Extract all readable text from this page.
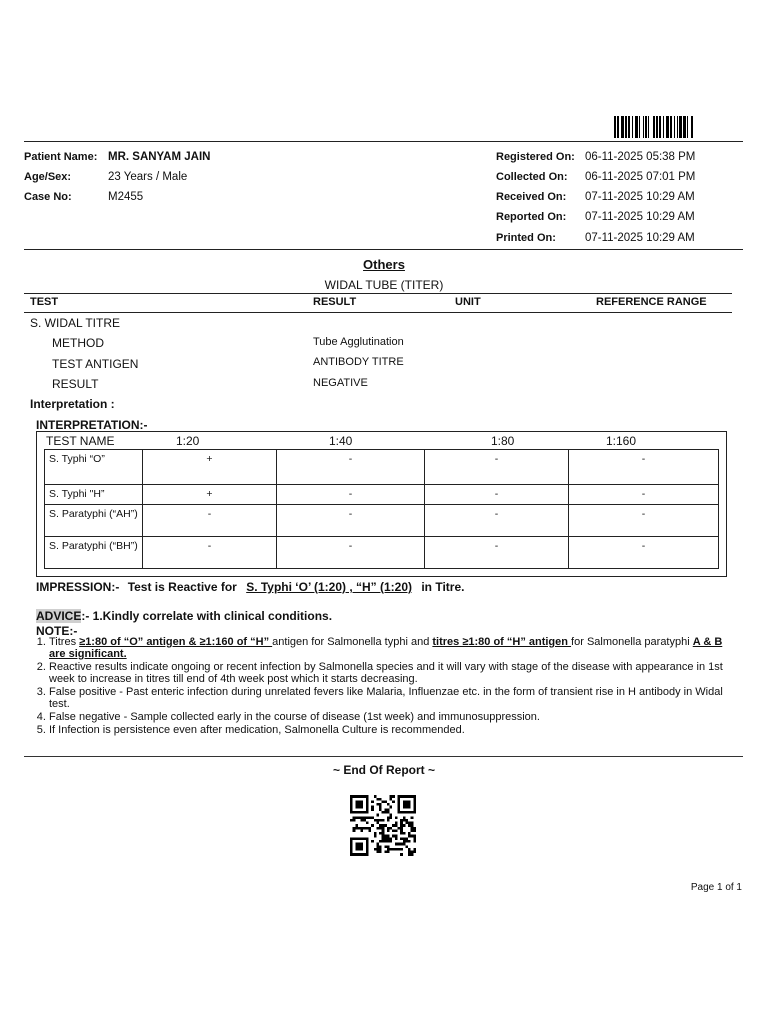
Patient Name: MR. SANYAM JAIN
Age/Sex:	23 Years / Male
Case No:	M2455
Registered On: 06-11-2025 05:38 PM
Collected On: 06-11-2025 07:01 PM
Received On: 07-11-2025 10:29 AM
Reported On: 07-11-2025 10:29 AM
Printed On:	07-11-2025 10:29 AM
Others
WIDAL TUBE (TITER)
TEST	RESULT	UNIT	REFERENCE RANGE
S. WIDAL TITRE
METHOD	Tube Agglutination
TEST ANTIGEN	ANTIBODY TITRE
RESULT	NEGATIVE
Interpretation :
INTERPRETATION:-
TEST NAME	1:20	1:40	1:80	1:160
S. Typhi “O”	+	-	-	-
S. Typhi "H”	+	-	-	-
S. Paratyphi (“AH”)	-	-	-	-
S. Paratyphi (“BH”)	-	-	-	-
IMPRESSION:- Test is Reactive for S. Typhi ‘O’ (1:20) , “H” (1:20) in Titre.
ADVICE:- 1.Kindly correlate with clinical conditions.
NOTE:-
1. Titres ≥1:80 of “O” antigen & ≥1:160 of “H” antigen for Salmonella typhi and titres ≥1:80 of “H” antigen for Salmonella paratyphi A & B are significant.
2. Reactive results indicate ongoing or recent infection by Salmonella species and it will vary with stage of the disease with appearance in 1st week to increase in titres till end of 4th week post which it starts decreasing.
3. False positive - Past enteric infection during unrelated fevers like Malaria, Influenzae etc. in the form of transient rise in H antibody in Widal test.
4. False negative - Sample collected early in the course of disease (1st week) and immunosuppression.
5. If Infection is persistence even after medication, Salmonella Culture is recommended.
~ End Of Report ~
Page 1 of 1
